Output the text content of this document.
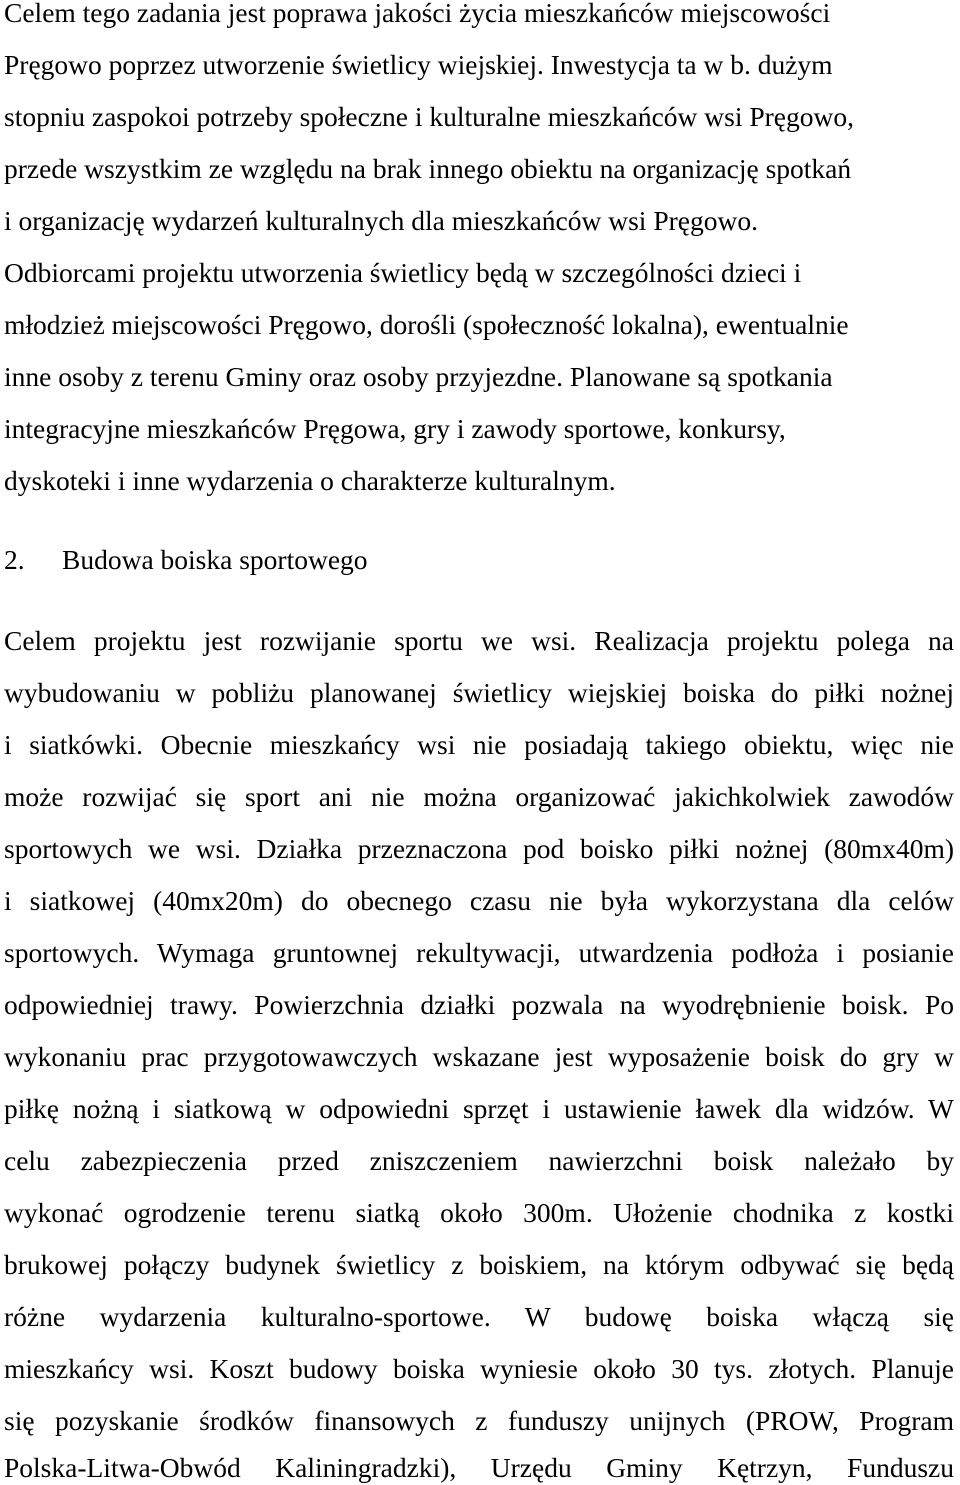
Celem tego zadania jest poprawa jakości życia mieszkańców miejscowości
Pręgowo poprzez utworzenie świetlicy wiejskiej. Inwestycja ta w b. dużym
stopniu zaspokoi potrzeby społeczne i kulturalne mieszkańców wsi Pręgowo,
przede wszystkim ze względu na brak innego obiektu na organizację spotkań
i organizację wydarzeń kulturalnych dla mieszkańców wsi Pręgowo.
Odbiorcami projektu utworzenia świetlicy będą w szczególności dzieci i
młodzież miejscowości Pręgowo, dorośli (społeczność lokalna), ewentualnie
inne osoby z terenu Gminy oraz osoby przyjezdne. Planowane są spotkania
integracyjne mieszkańców Pręgowa, gry i zawody sportowe, konkursy,
dyskoteki i inne wydarzenia o charakterze kulturalnym.
2. Budowa boiska sportowego
Celem projektu jest rozwijanie sportu we wsi. Realizacja projektu polega na
wybudowaniu w pobliżu planowanej świetlicy wiejskiej boiska do piłki nożnej
i siatkówki. Obecnie mieszkańcy wsi nie posiadają takiego obiektu, więc nie
może rozwijać się sport ani nie można organizować jakichkolwiek zawodów
sportowych we wsi. Działka przeznaczona pod boisko piłki nożnej (80mx40m)
i siatkowej (40mx20m) do obecnego czasu nie była wykorzystana dla celów
sportowych. Wymaga gruntownej rekultywacji, utwardzenia podłoża i posianie
odpowiedniej trawy. Powierzchnia działki pozwala na wyodrębnienie boisk. Po
wykonaniu prac przygotowawczych wskazane jest wyposażenie boisk do gry w
piłkę nożną i siatkową w odpowiedni sprzęt i ustawienie ławek dla widzów. W
celu zabezpieczenia przed zniszczeniem nawierzchni boisk należało by
wykonać ogrodzenie terenu siatką około 300m. Ułożenie chodnika z kostki
brukowej połączy budynek świetlicy z boiskiem, na którym odbywać się będą
różne wydarzenia kulturalno-sportowe. W budowę boiska włączą się
mieszkańcy wsi. Koszt budowy boiska wyniesie około 30 tys. złotych. Planuje
się pozyskanie środków finansowych z funduszy unijnych (PROW, Program
Polska-Litwa-Obwód Kaliningradzki), Urzędu Gminy Kętrzyn, Funduszu
